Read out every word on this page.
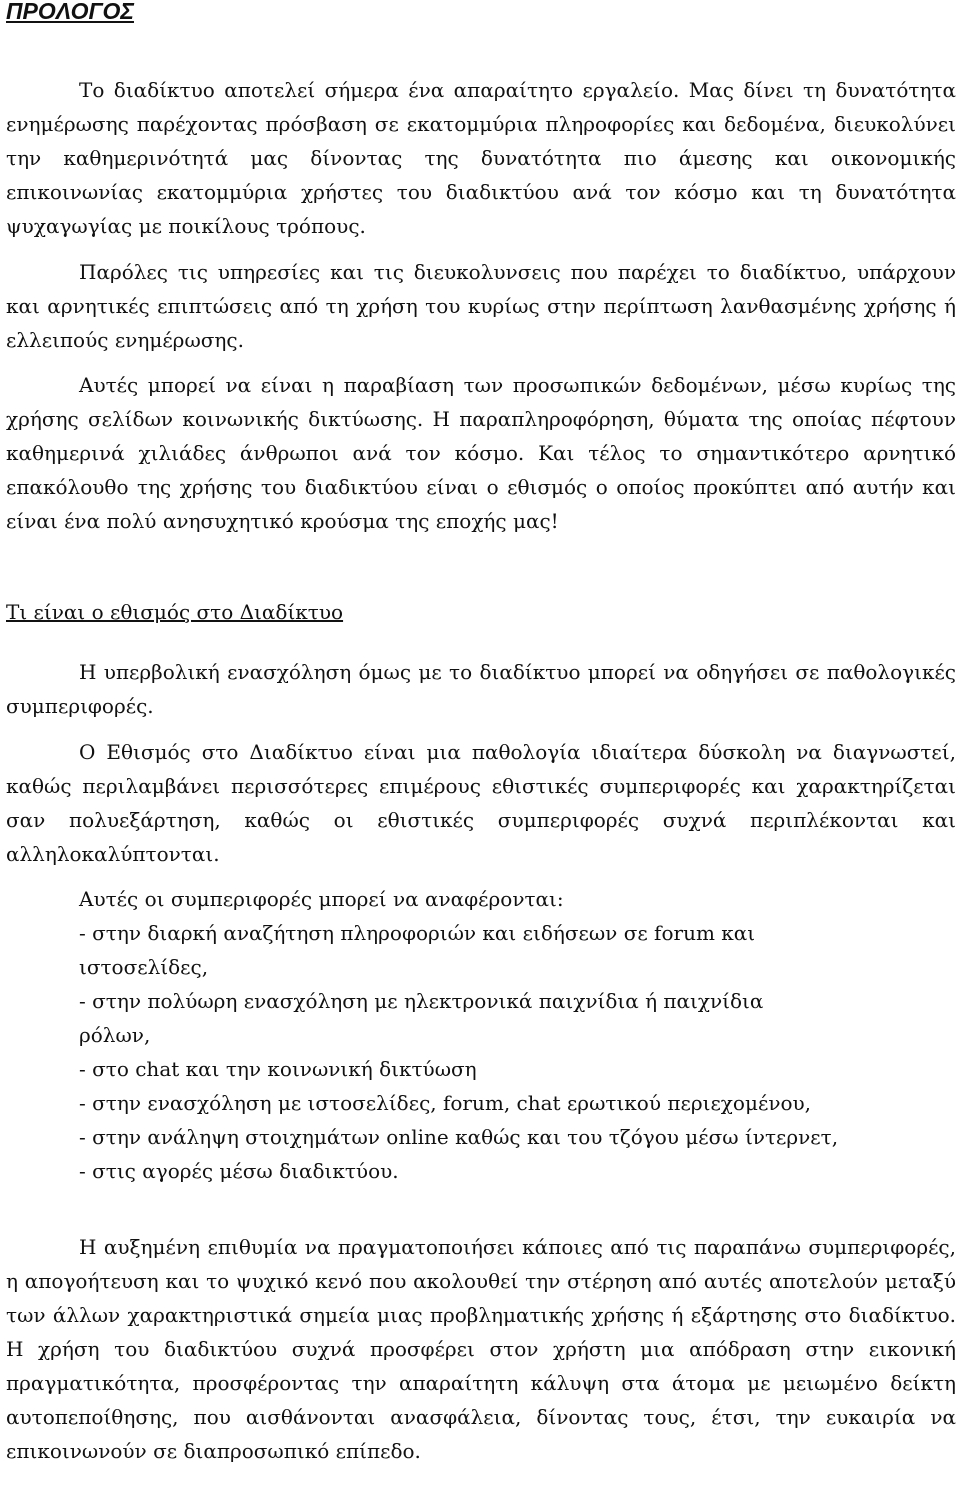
ΠΡΟΛΟΓΟΣ

Το διαδίκτυο αποτελεί σήμερα ένα απαραίτητο εργαλείο. Μας δίνει τη δυνατότητα ενημέρωσης παρέχοντας πρόσβαση σε εκατομμύρια πληροφορίες και δεδομένα, διευκολύνει την καθημερινότητά μας δίνοντας της δυνατότητα πιο άμεσης και οικονομικής επικοινωνίας εκατομμύρια χρήστες του διαδικτύου ανά τον κόσμο και τη δυνατότητα ψυχαγωγίας με ποικίλους τρόπους.

Παρόλες τις υπηρεσίες και τις διευκολυνσεις που παρέχει το διαδίκτυο, υπάρχουν και αρνητικές επιπτώσεις από τη χρήση του κυρίως στην περίπτωση λανθασμένης χρήσης ή ελλειπούς ενημέρωσης.

Αυτές μπορεί να είναι η παραβίαση των προσωπικών δεδομένων, μέσω κυρίως της χρήσης σελίδων κοινωνικής δικτύωσης. Η παραπληροφόρηση, θύματα της οποίας πέφτουν καθημερινά χιλιάδες άνθρωποι ανά τον κόσμο. Και τέλος το σημαντικότερο αρνητικό επακόλουθο της χρήσης του διαδικτύου είναι ο εθισμός ο οποίος προκύπτει από αυτήν και είναι ένα πολύ ανησυχητικό κρούσμα της εποχής μας!

Τι είναι ο εθισμός στο Διαδίκτυο

Η υπερβολική ενασχόληση όμως με το διαδίκτυο μπορεί να οδηγήσει σε παθολογικές συμπεριφορές.

Ο Εθισμός στο Διαδίκτυο είναι μια παθολογία ιδιαίτερα δύσκολη να διαγνωστεί, καθώς περιλαμβάνει περισσότερες επιμέρους εθιστικές συμπεριφορές και χαρακτηρίζεται σαν πολυεξάρτηση, καθώς οι εθιστικές συμπεριφορές συχνά περιπλέκονται και αλληλοκαλύπτονται.

Αυτές οι συμπεριφορές μπορεί να αναφέρονται:
- στην διαρκή αναζήτηση πληροφοριών και ειδήσεων σε forum και
ιστοσελίδες,
- στην πολύωρη ενασχόληση με ηλεκτρονικά παιχνίδια ή παιχνίδια
ρόλων,
- στο chat και την κοινωνική δικτύωση
- στην ενασχόληση με ιστοσελίδες, forum, chat ερωτικού περιεχομένου,
- στην ανάληψη στοιχημάτων online καθώς και του τζόγου μέσω ίντερνετ,
- στις αγορές μέσω διαδικτύου.

Η αυξημένη επιθυμία να πραγματοποιήσει κάποιες από τις παραπάνω συμπεριφορές, η απογοήτευση και το ψυχικό κενό που ακολουθεί την στέρηση από αυτές αποτελούν μεταξύ των άλλων χαρακτηριστικά σημεία μιας προβληματικής χρήσης ή εξάρτησης στο διαδίκτυο. Η χρήση του διαδικτύου συχνά προσφέρει στον χρήστη μια απόδραση στην εικονική πραγματικότητα, προσφέροντας την απαραίτητη κάλυψη στα άτομα με μειωμένο δείκτη αυτοπεποίθησης, που αισθάνονται ανασφάλεια, δίνοντας τους, έτσι, την ευκαιρία να επικοινωνούν σε διαπροσωπικό επίπεδο.
